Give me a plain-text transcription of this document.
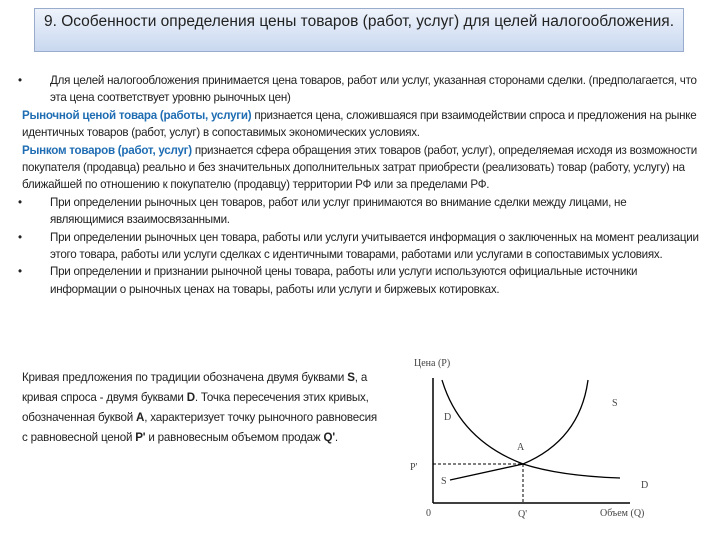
9. Особенности определения цены товаров (работ, услуг) для целей налогообложения.
• Для целей налогообложения принимается цена товаров, работ или услуг, указанная сторонами сделки. (предполагается, что эта цена соответствует уровню рыночных цен)
Рыночной ценой товара (работы, услуги) признается цена, сложившаяся при взаимодействии спроса и предложения на рынке идентичных товаров (работ, услуг) в сопоставимых экономических условиях.
Рынком товаров (работ, услуг) признается сфера обращения этих товаров (работ, услуг), определяемая исходя из возможности покупателя (продавца) реально и без значительных дополнительных затрат приобрести (реализовать) товар (работу, услугу) на ближайшей по отношению к покупателю (продавцу) территории РФ или за пределами РФ.
• При определении рыночных цен товаров, работ или услуг принимаются во внимание сделки между лицами, не являющимися взаимосвязанными.
• При определении рыночных цен товара, работы или услуги учитывается информация о заключенных на момент реализации этого товара, работы или услуги сделках с идентичными товарами, работами или услугами в сопоставимых условиях.
• При определении и признании рыночной цены товара, работы или услуги используются официальные источники информации о рыночных ценах на товары, работы или услуги и биржевых котировках.
Кривая предложения по традиции обозначена двумя буквами S, а кривая спроса - двумя буквами D. Точка пересечения этих кривых, обозначенная буквой A, характеризует точку рыночного равновесия с равновесной ценой P' и равновесным объемом продаж Q'.
Цена (P)
Объем (Q)
0
P'
Q'
S
S
D
D
A
